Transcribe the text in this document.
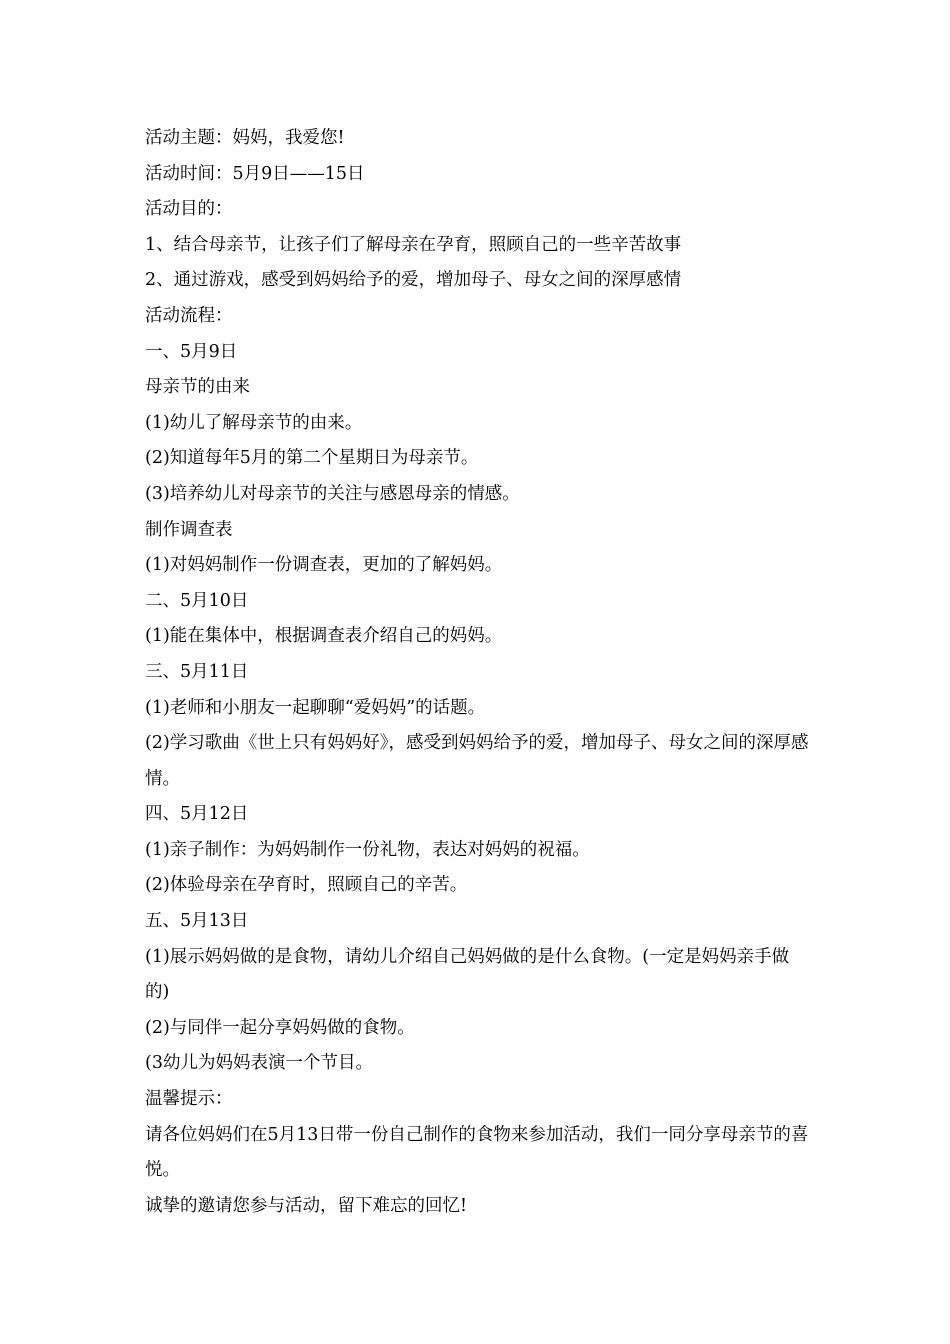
活动主题：妈妈，我爱您!
活动时间：5月9日——15日
活动目的：
1、结合母亲节，让孩子们了解母亲在孕育，照顾自己的一些辛苦故事
2、通过游戏，感受到妈妈给予的爱，增加母子、母女之间的深厚感情
活动流程：
一、5月9日
母亲节的由来
(1)幼儿了解母亲节的由来。
(2)知道每年5月的第二个星期日为母亲节。
(3)培养幼儿对母亲节的关注与感恩母亲的情感。
制作调查表
(1)对妈妈制作一份调查表，更加的了解妈妈。
二、5月10日
(1)能在集体中，根据调查表介绍自己的妈妈。
三、5月11日
(1)老师和小朋友一起聊聊“爱妈妈”的话题。
(2)学习歌曲《世上只有妈妈好》，感受到妈妈给予的爱，增加母子、母女之间的深厚感情。
四、5月12日
(1)亲子制作：为妈妈制作一份礼物，表达对妈妈的祝福。
(2)体验母亲在孕育时，照顾自己的辛苦。
五、5月13日
(1)展示妈妈做的是食物，请幼儿介绍自己妈妈做的是什么食物。(一定是妈妈亲手做的)
(2)与同伴一起分享妈妈做的食物。
(3幼儿为妈妈表演一个节目。
温馨提示：
请各位妈妈们在5月13日带一份自己制作的食物来参加活动，我们一同分享母亲节的喜悦。
诚挚的邀请您参与活动，留下难忘的回忆!
